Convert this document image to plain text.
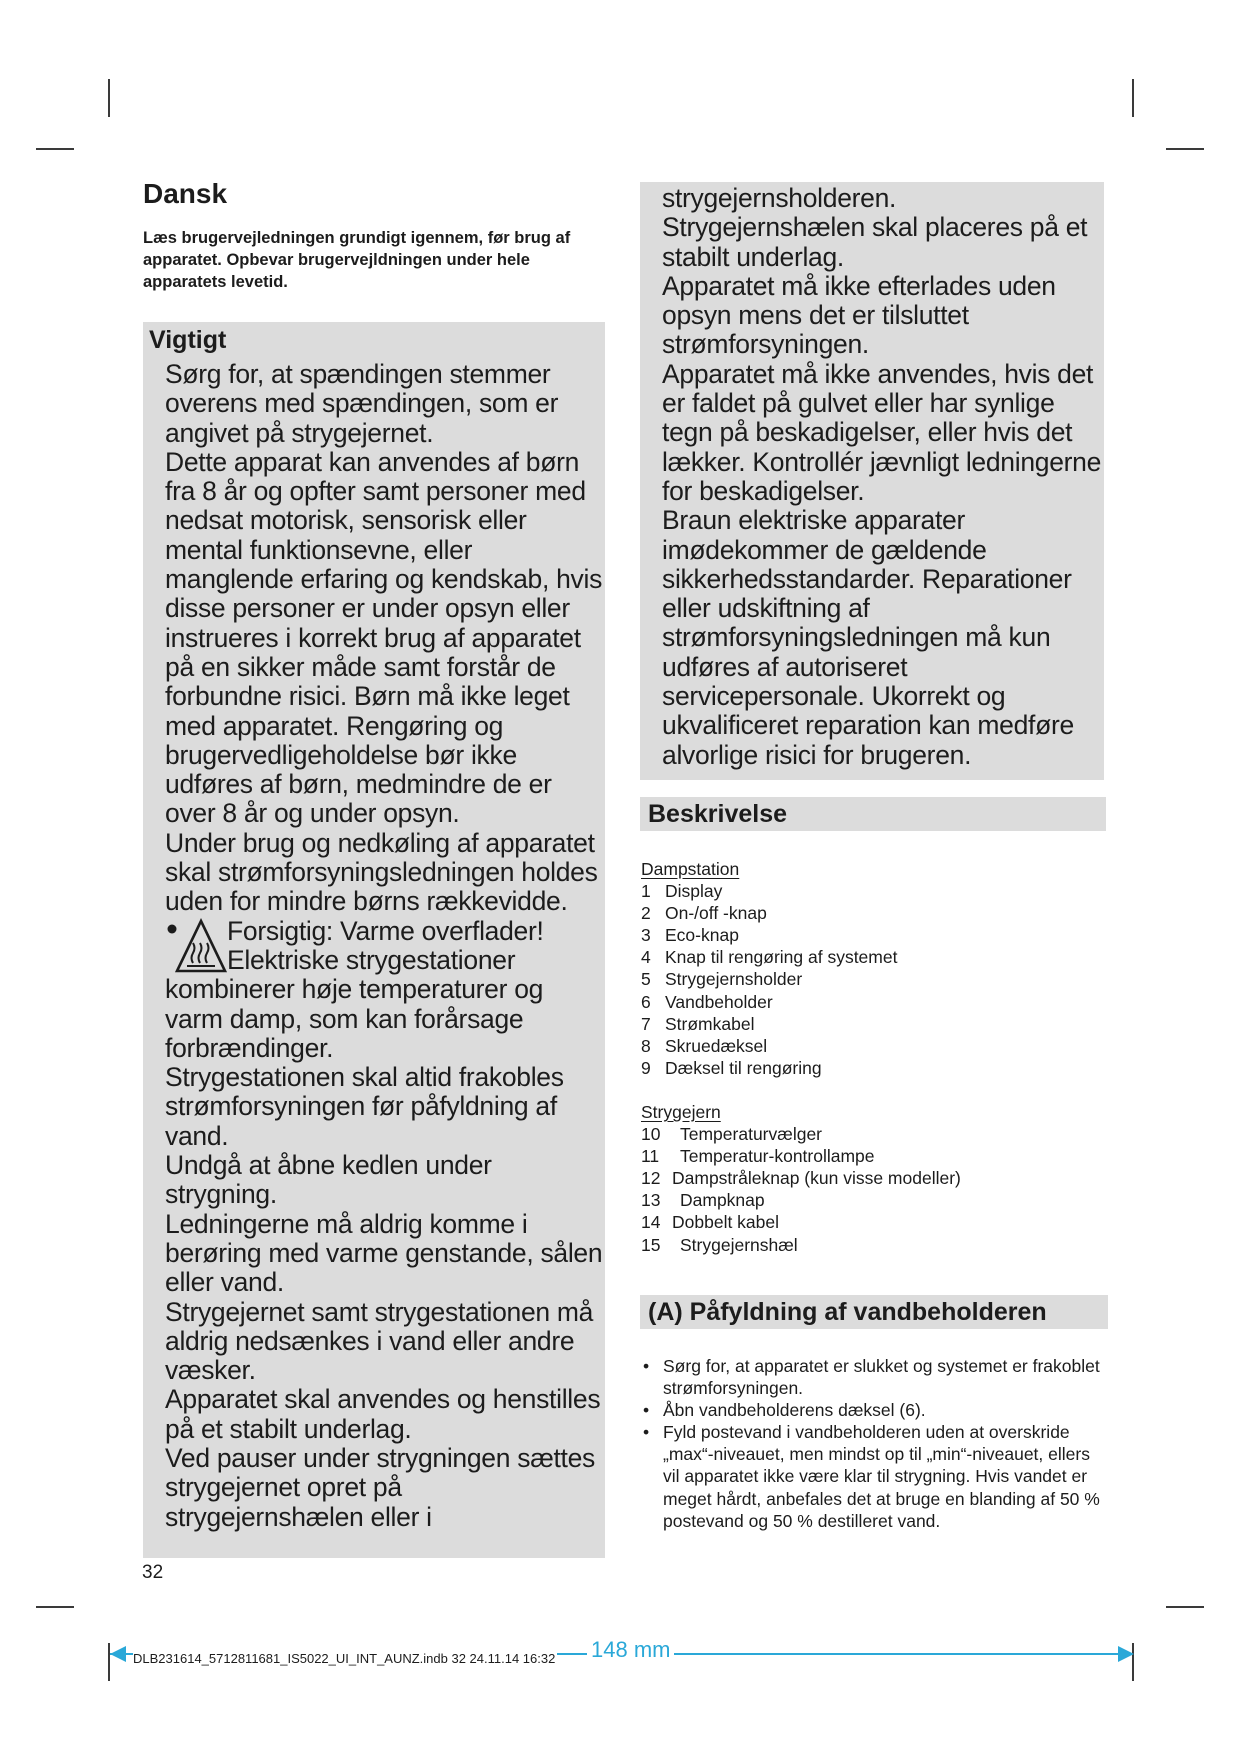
Dansk

Læs brugervejledningen grundigt igennem, før brug af apparatet. Opbevar brugervejldningen under hele apparatets levetid.

Vigtigt

Sørg for, at spændingen stemmer overens med spændingen, som er angivet på strygejernet.

Dette apparat kan anvendes af børn fra 8 år og opfter samt personer med nedsat motorisk, sensorisk eller mental funktionsevne, eller manglende erfaring og kendskab, hvis disse personer er under opsyn eller instrueres i korrekt brug af apparatet på en sikker måde samt forstår de forbundne risici. Børn må ikke leget med apparatet. Rengøring og brugervedligeholdelse bør ikke udføres af børn, medmindre de er over 8 år og under opsyn.

Under brug og nedkøling af apparatet skal strømforsyningsledningen holdes uden for mindre børns rækkevidde.

Forsigtig: Varme overflader!

Elektriske strygestationer

kombinerer høje temperaturer og varm damp, som kan forårsage forbrændinger.

Strygestationen skal altid frakobles strømforsyningen før påfyldning af vand.

Undgå at åbne kedlen under strygning.

Ledningerne må aldrig komme i berøring med varme genstande, sålen eller vand.

Strygejernet samt strygestationen må aldrig nedsænkes i vand eller andre væsker.

Apparatet skal anvendes og henstilles på et stabilt underlag.

Ved pauser under strygningen sættes strygejernet opret på strygejernshælen eller i

strygejernsholderen.

Strygejernshælen skal placeres på et stabilt underlag.

Apparatet må ikke efterlades uden opsyn mens det er tilsluttet strømforsyningen.

Apparatet må ikke anvendes, hvis det er faldet på gulvet eller har synlige tegn på beskadigelser, eller hvis det lækker. Kontrollér jævnligt ledningerne for beskadigelser.

Braun elektriske apparater imødekommer de gældende sikkerhedsstandarder. Reparationer eller udskiftning af strømforsyningsledningen må kun udføres af autoriseret servicepersonale. Ukorrekt og ukvalificeret reparation kan medføre alvorlige risici for brugeren.

Beskrivelse
Dampstation
1 Display
2 On-/off -knap
3 Eco-knap
4 Knap til rengøring af systemet
5 Strygejernsholder
6 Vandbeholder
7 Strømkabel
8 Skruedæksel
9 Dæksel til rengøring
Strygejern
10	Temperaturvælger
11	Temperatur-kontrollampe
12 Dampstråleknap (kun visse modeller)
13	Dampknap
14 Dobbelt kabel
15	Strygejernshæl
(A) Påfyldning af vandbeholderen
• Sørg for, at apparatet er slukket og systemet er frakoblet strømforsyningen.
• Åbn vandbeholderens dæksel (6).
• Fyld postevand i vandbeholderen uden at overskride „max“-niveauet, men mindst op til „min“-niveauet, ellers vil apparatet ikke være klar til strygning. Hvis vandet er meget hårdt, anbefales det at bruge en blanding af 50 % postevand og 50 % destilleret vand.
32
148 mm
DLB231614_5712811681_IS5022_UI_INT_AUNZ.indb 32 24.11.14 16:32
